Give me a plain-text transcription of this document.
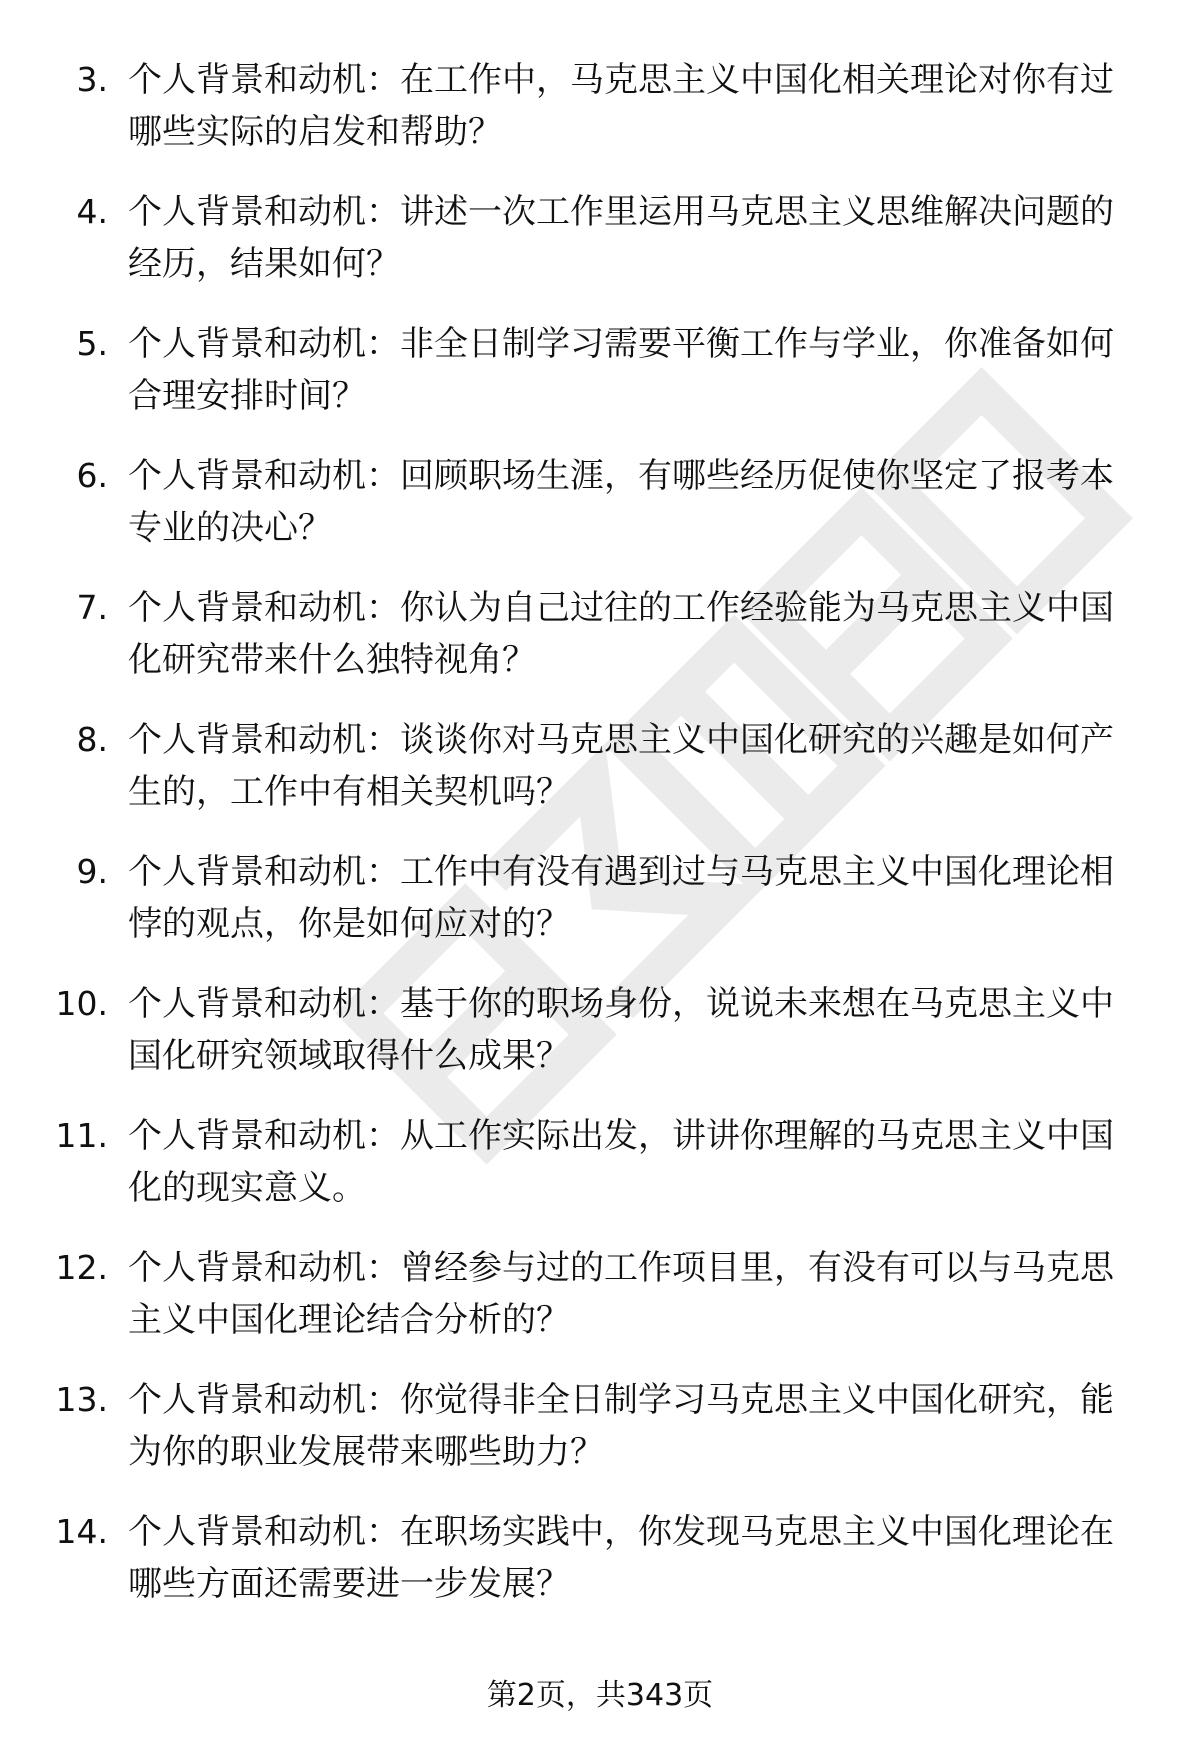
3. 个人背景和动机：在工作中，马克思主义中国化相关理论对你有过哪些实际的启发和帮助？
4. 个人背景和动机：讲述一次工作里运用马克思主义思维解决问题的经历，结果如何？
5. 个人背景和动机：非全日制学习需要平衡工作与学业，你准备如何合理安排时间？
6. 个人背景和动机：回顾职场生涯，有哪些经历促使你坚定了报考本专业的决心？
7. 个人背景和动机：你认为自己过往的工作经验能为马克思主义中国化研究带来什么独特视角？
8. 个人背景和动机：谈谈你对马克思主义中国化研究的兴趣是如何产生的，工作中有相关契机吗？
9. 个人背景和动机：工作中有没有遇到过与马克思主义中国化理论相悖的观点，你是如何应对的？
10. 个人背景和动机：基于你的职场身份，说说未来想在马克思主义中国化研究领域取得什么成果？
11. 个人背景和动机：从工作实际出发，讲讲你理解的马克思主义中国化的现实意义。
12. 个人背景和动机：曾经参与过的工作项目里，有没有可以与马克思主义中国化理论结合分析的？
13. 个人背景和动机：你觉得非全日制学习马克思主义中国化研究，能为你的职业发展带来哪些助力？
14. 个人背景和动机：在职场实践中，你发现马克思主义中国化理论在哪些方面还需要进一步发展？
第2页，共343页
